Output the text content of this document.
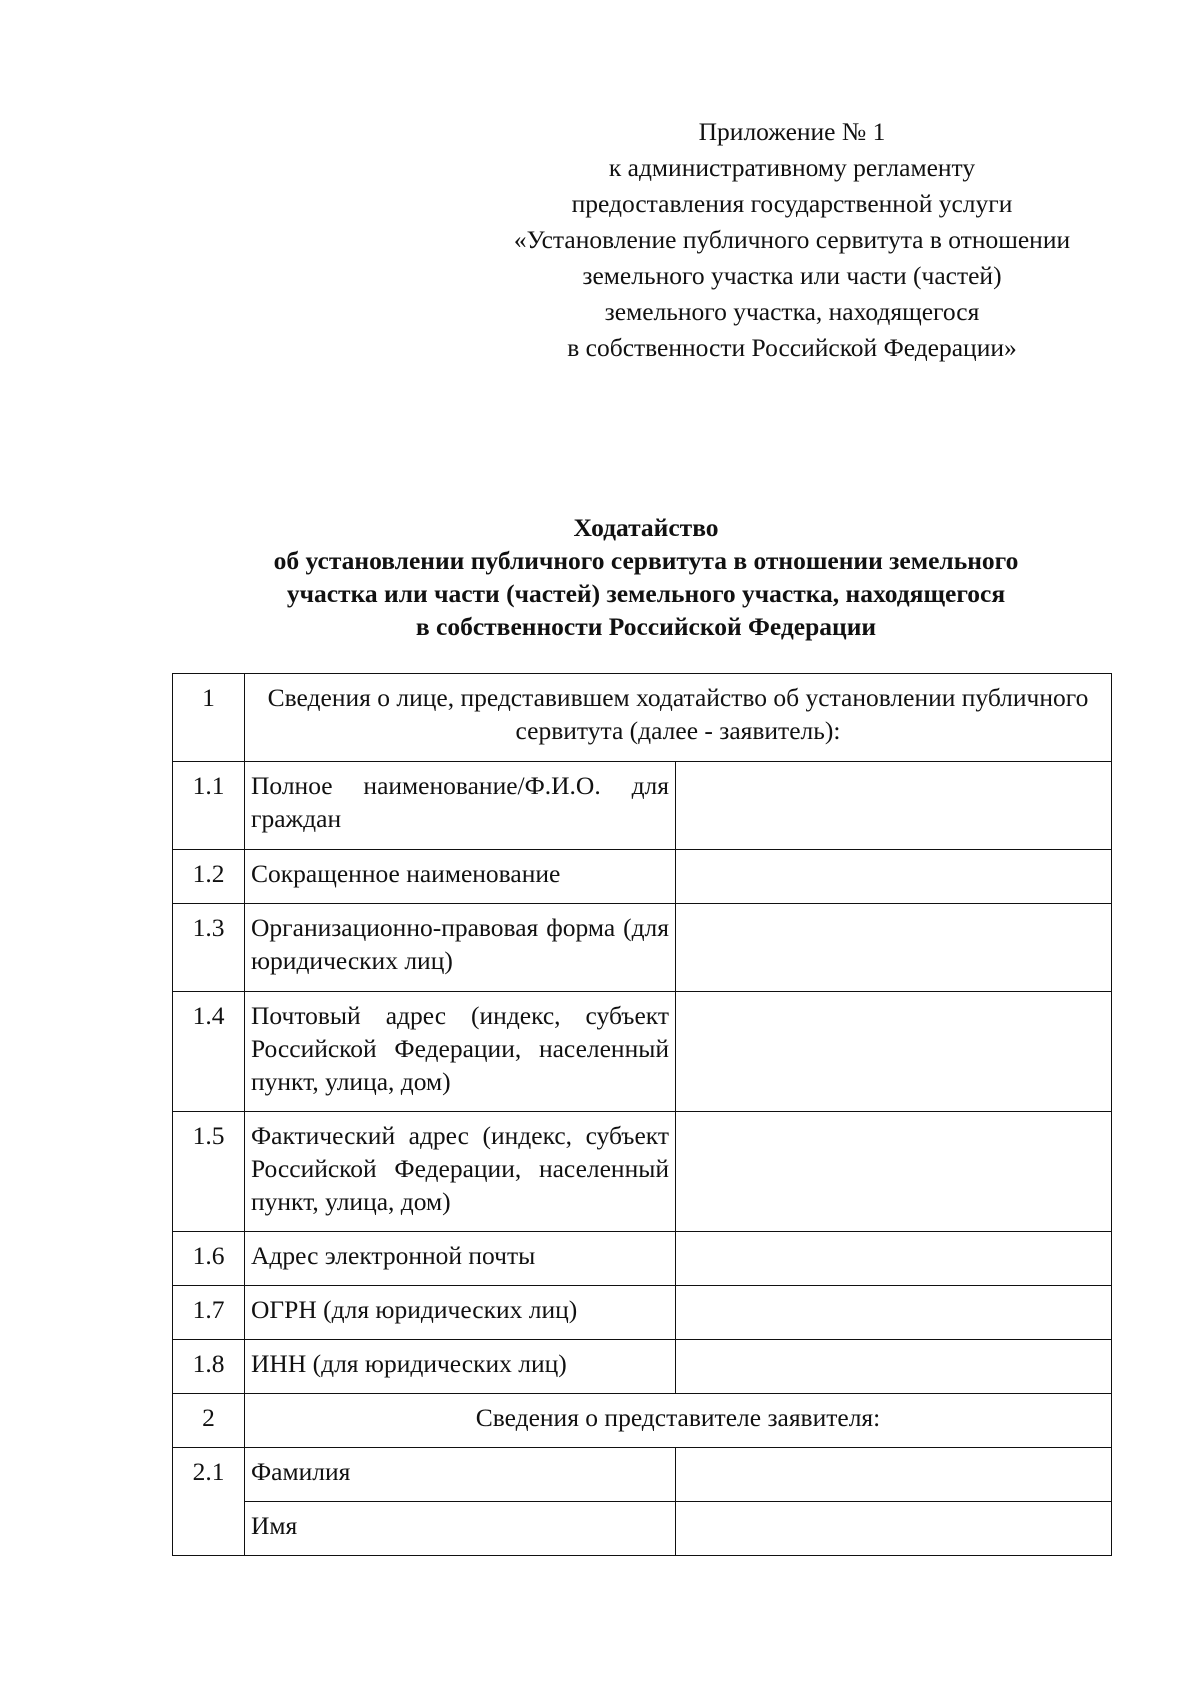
Приложение № 1
к административному регламенту
предоставления государственной услуги
«Установление публичного сервитута в отношении
земельного участка или части (частей)
земельного участка, находящегося
в собственности Российской Федерации»
Ходатайство
об установлении публичного сервитута в отношении земельного
участка или части (частей) земельного участка, находящегося
в собственности Российской Федерации
1	Сведения о лице, представившем ходатайство об установлении публичного сервитута (далее - заявитель):	
1.1	Полное наименование/Ф.И.О. для граждан	
1.2	Сокращенное наименование	
1.3	Организационно-правовая форма (для юридических лиц)	
1.4	Почтовый адрес (индекс, субъект Российской Федерации, населенный пункт, улица, дом)	
1.5	Фактический адрес (индекс, субъект Российской Федерации, населенный пункт, улица, дом)	
1.6	Адрес электронной почты	
1.7	ОГРН (для юридических лиц)	
1.8	ИНН (для юридических лиц)	
2	Сведения о представителе заявителя:	
2.1	Фамилия	
	Имя	
